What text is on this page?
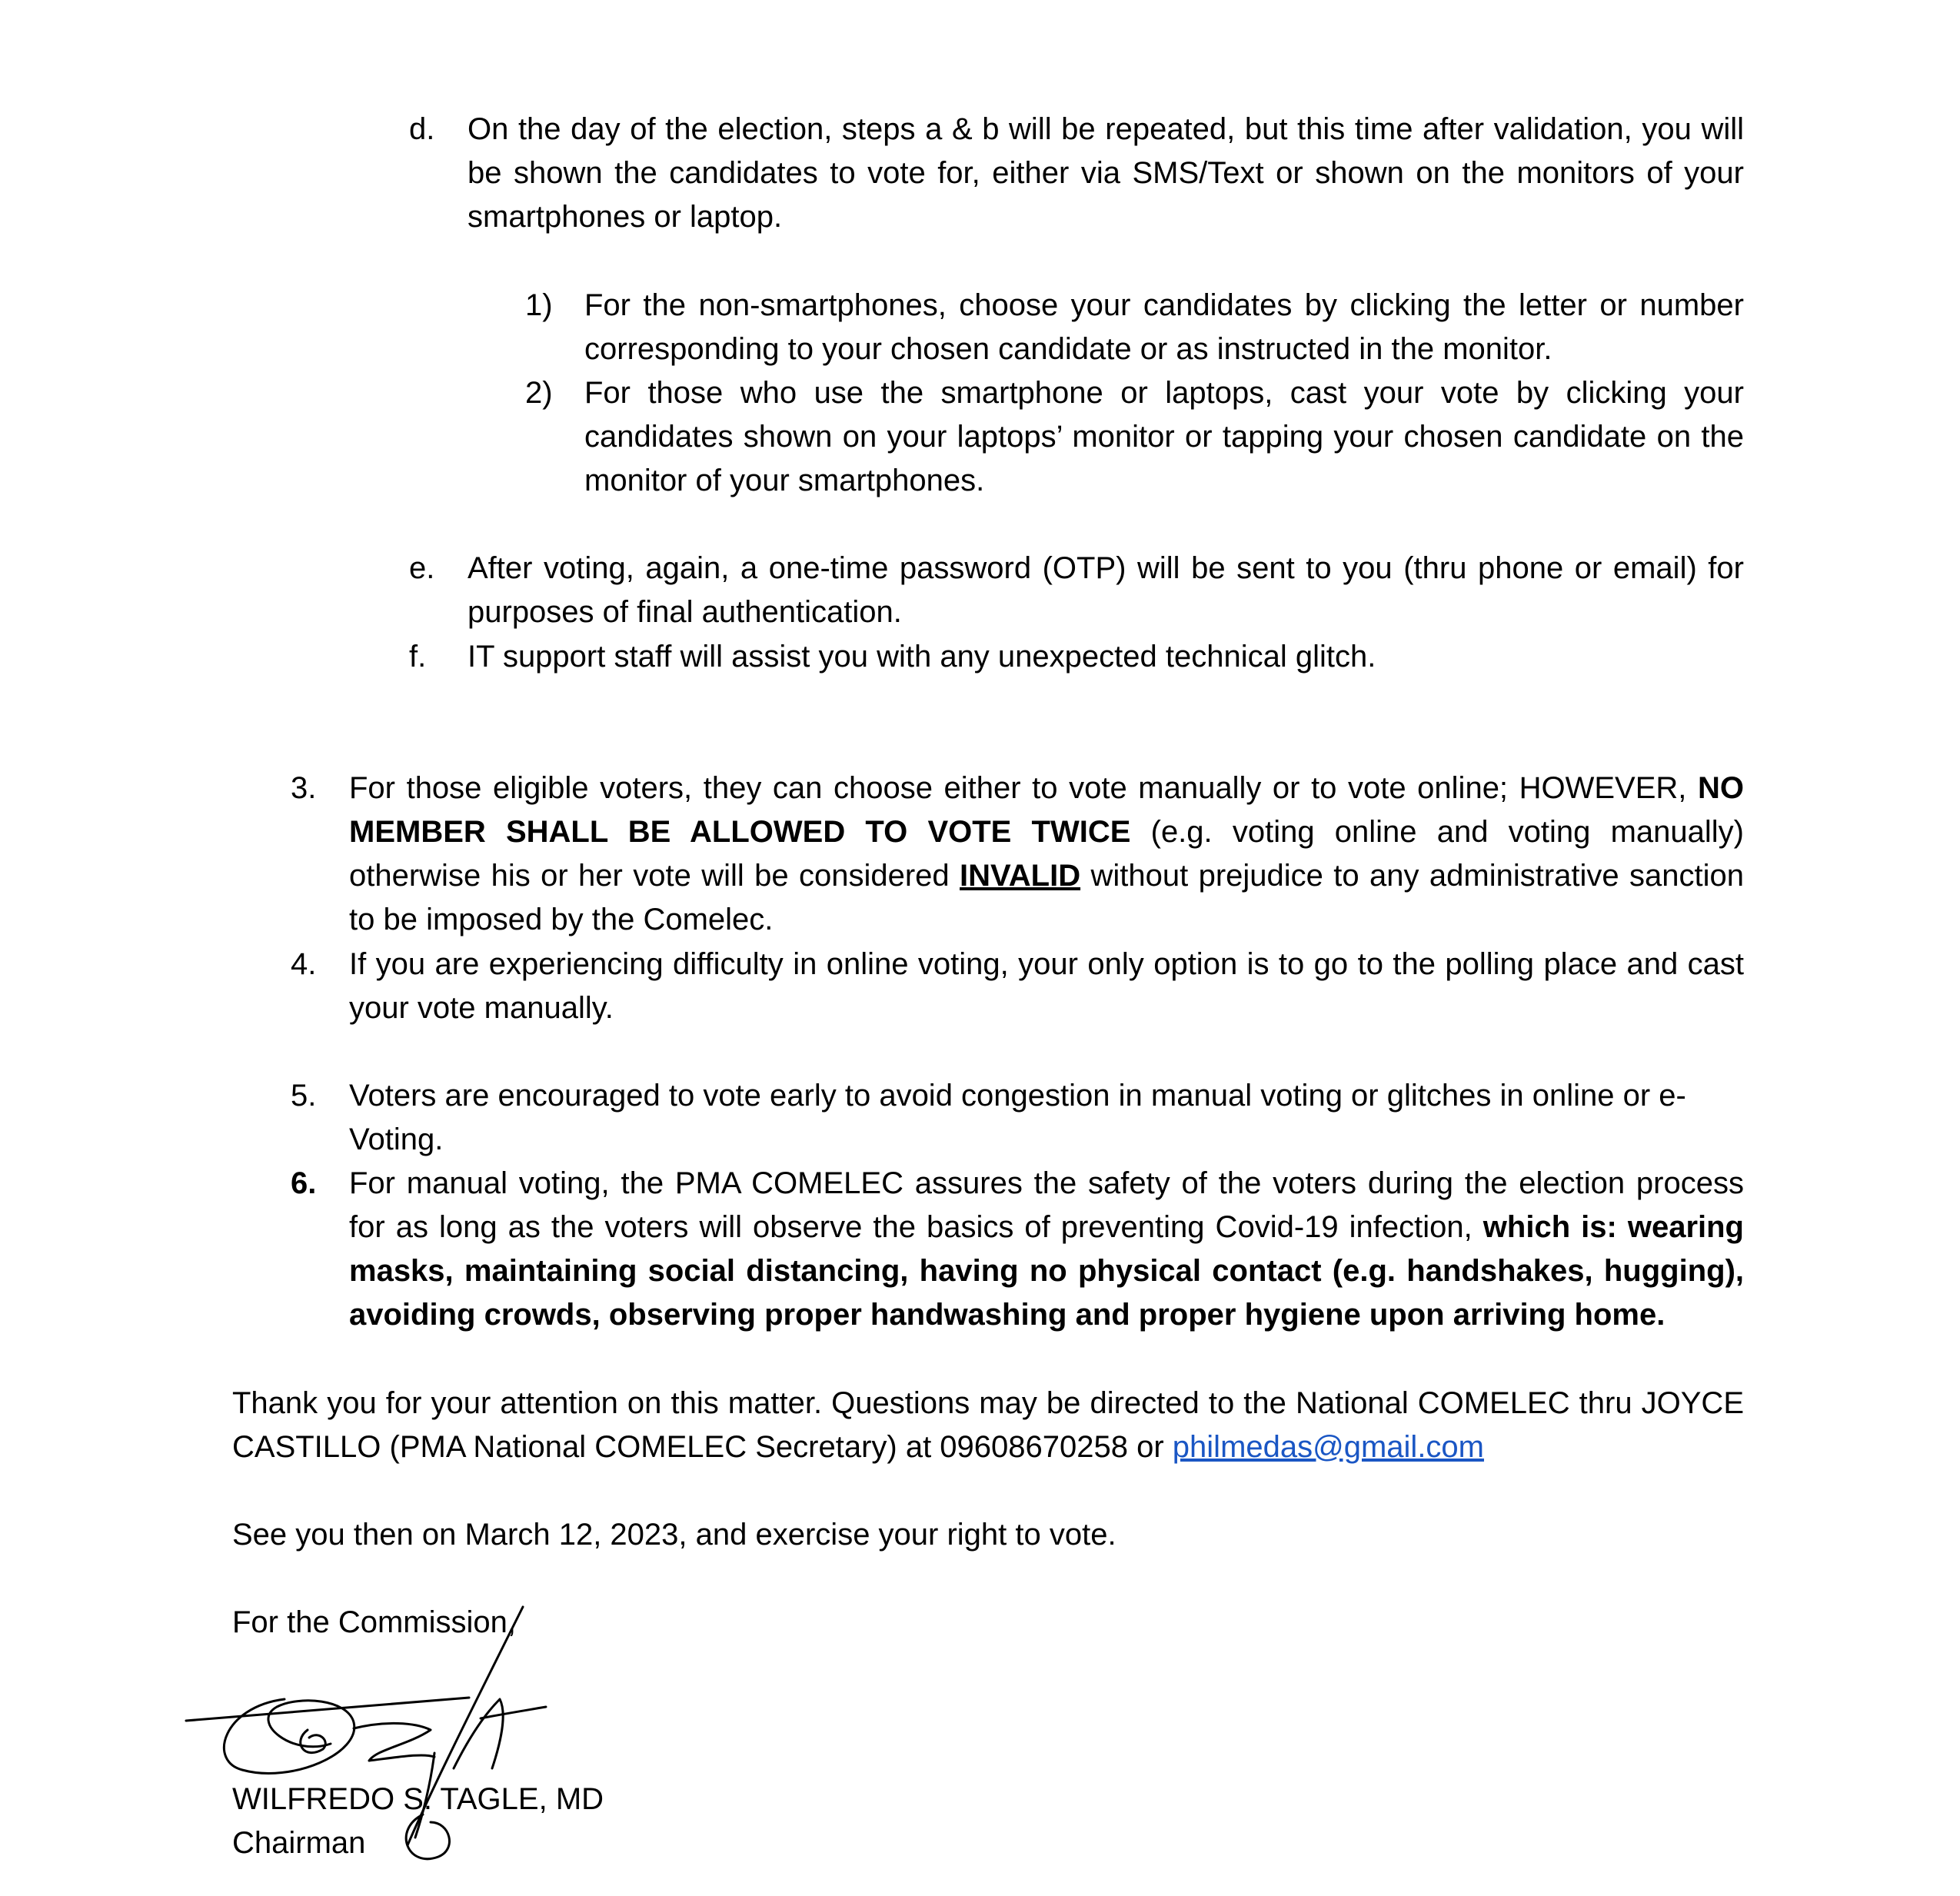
d.	On the day of the election, steps a & b will be repeated, but this time after validation, you will be shown the candidates to vote for, either via SMS/Text or shown on the monitors of your smartphones or laptop.
1)	For the non-smartphones, choose your candidates by clicking the letter or number corresponding to your chosen candidate or as instructed in the monitor.
2)	For those who use the smartphone or laptops, cast your vote by clicking your candidates shown on your laptops’ monitor or tapping your chosen candidate on the monitor of your smartphones.
e.	After voting, again, a one-time password (OTP) will be sent to you (thru phone or email) for purposes of final authentication.
f.	IT support staff will assist you with any unexpected technical glitch.
3.	For those eligible voters, they can choose either to vote manually or to vote online; HOWEVER, NO MEMBER SHALL BE ALLOWED TO VOTE TWICE (e.g. voting online and voting manually) otherwise his or her vote will be considered INVALID without prejudice to any administrative sanction to be imposed by the Comelec.
4.	If you are experiencing difficulty in online voting, your only option is to go to the polling place and cast your vote manually.
5.	Voters are encouraged to vote early to avoid congestion in manual voting or glitches in online or e-Voting.
6.	For manual voting, the PMA COMELEC assures the safety of the voters during the election process for as long as the voters will observe the basics of preventing Covid-19 infection, which is: wearing masks, maintaining social distancing, having no physical contact (e.g. handshakes, hugging), avoiding crowds, observing proper handwashing and proper hygiene upon arriving home.
Thank you for your attention on this matter. Questions may be directed to the National COMELEC thru JOYCE CASTILLO (PMA National COMELEC Secretary) at 09608670258 or philmedas@gmail.com
See you then on March 12, 2023, and exercise your right to vote.
For the Commission,
WILFREDO S. TAGLE, MD
Chairman
